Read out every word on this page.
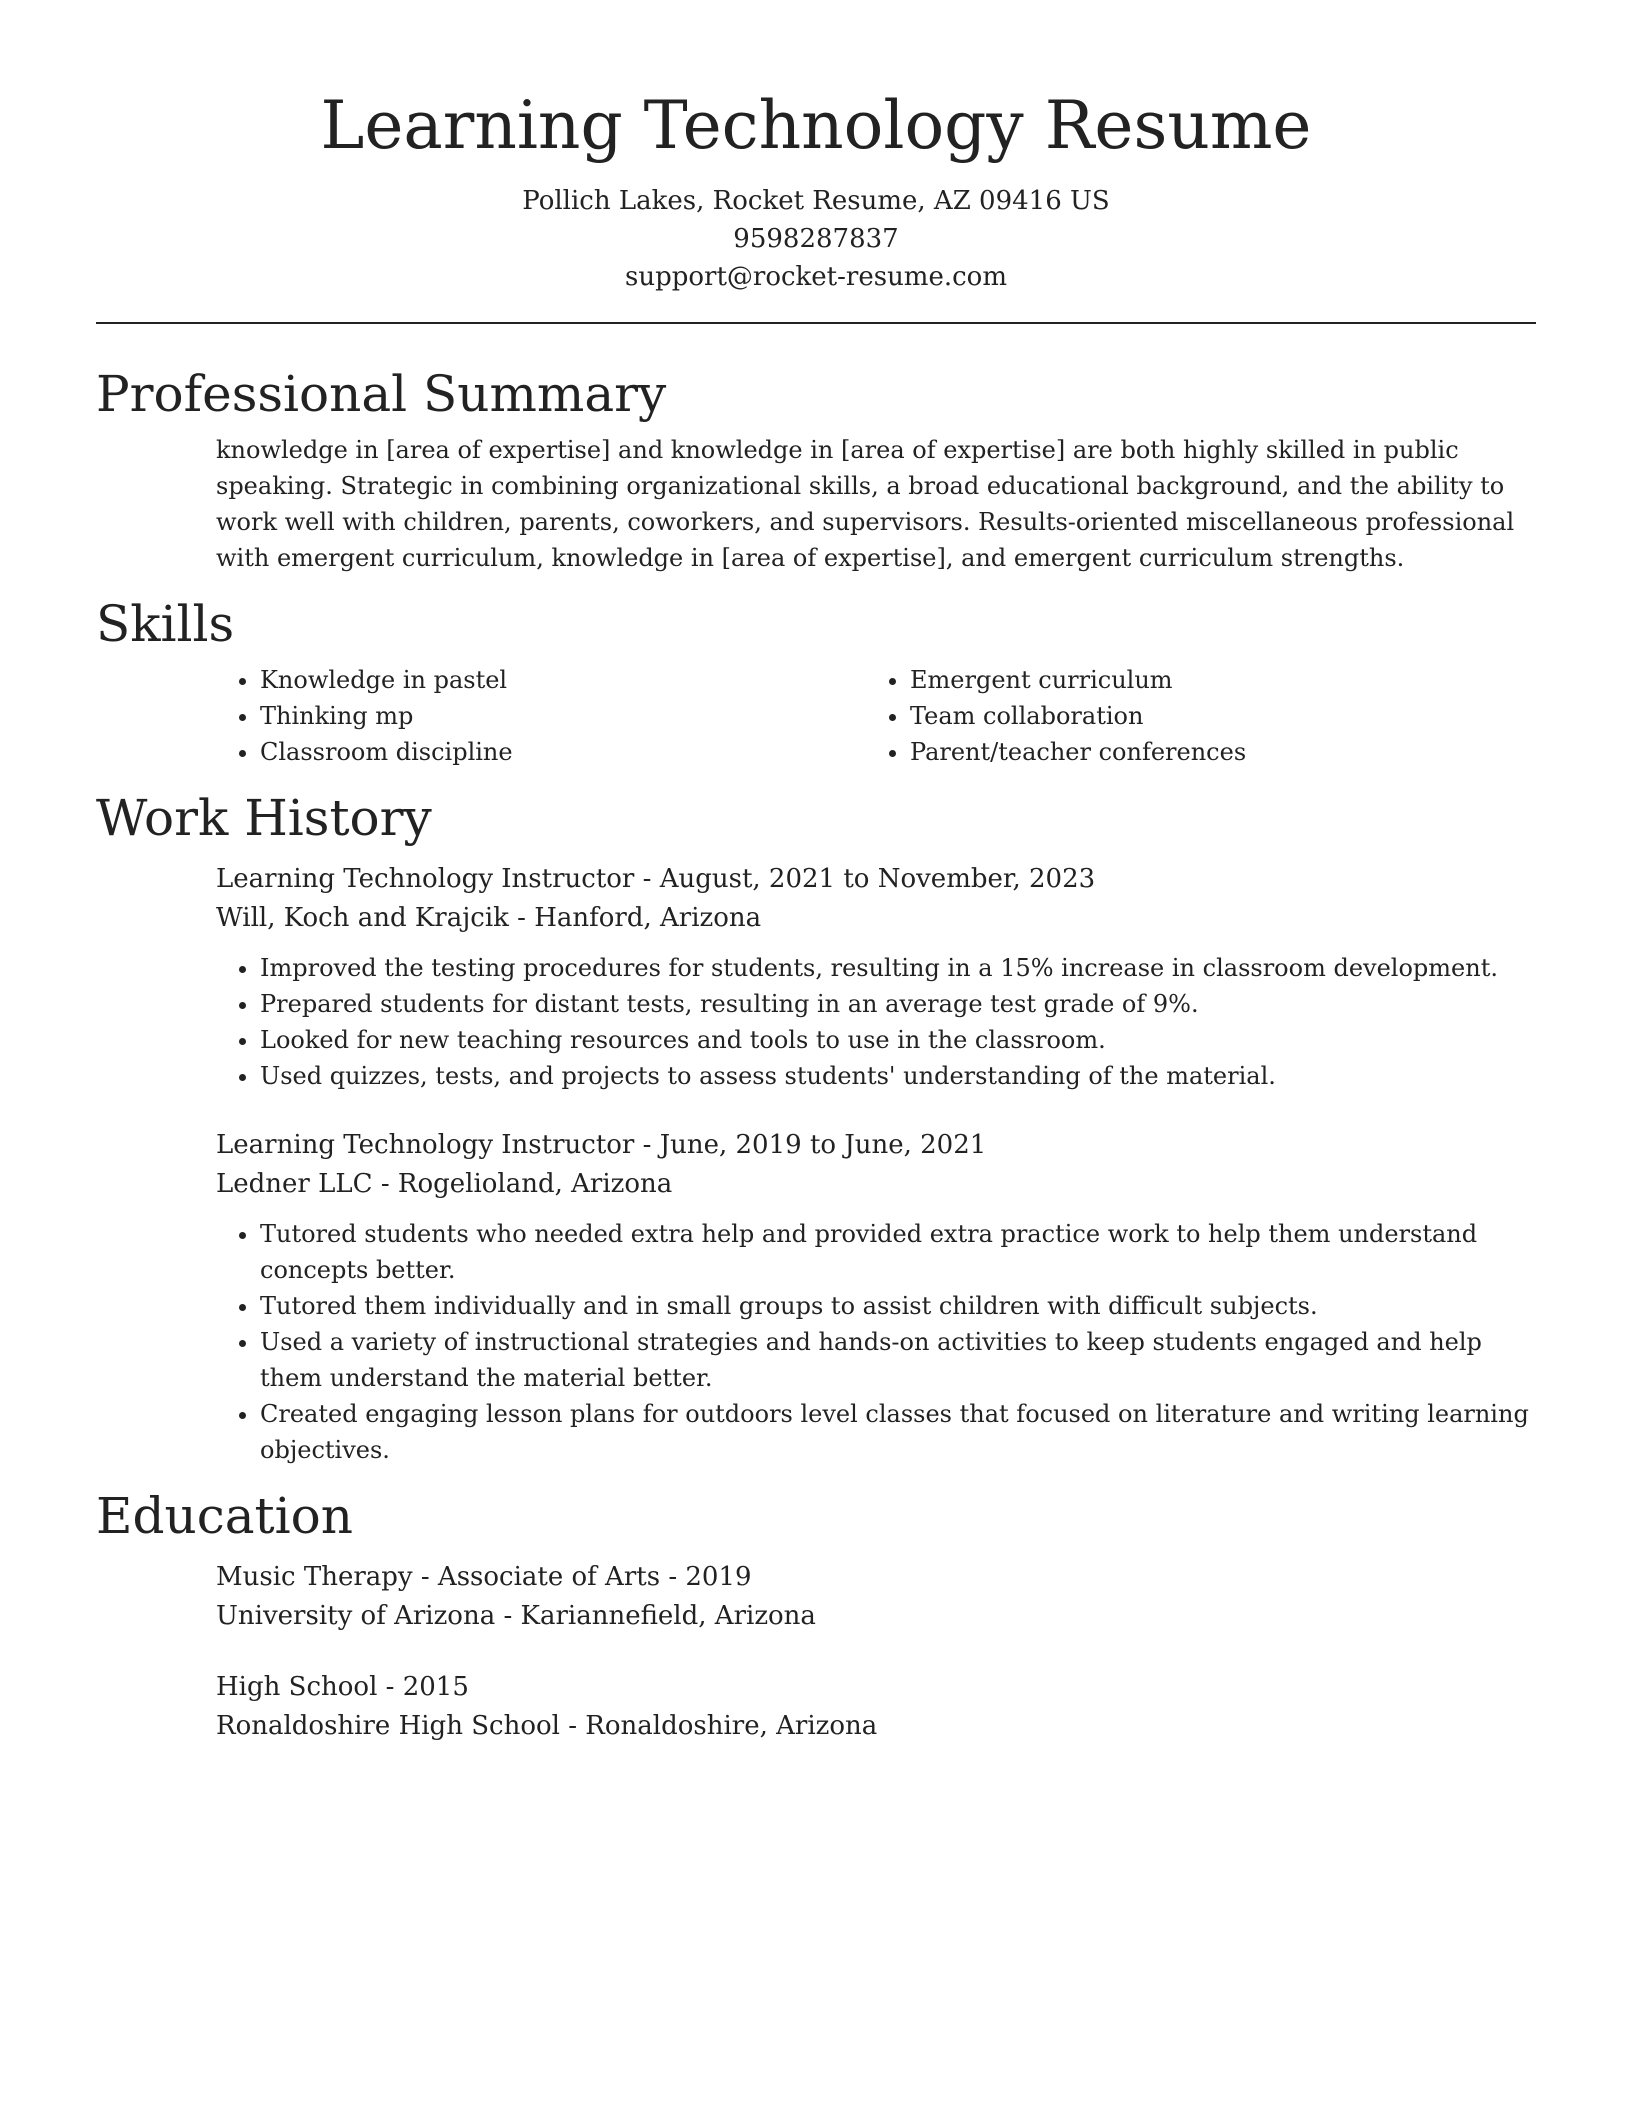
Learning Technology Resume
Pollich Lakes, Rocket Resume, AZ 09416 US
9598287837
support@rocket-resume.com
Professional Summary

knowledge in [area of expertise] and knowledge in [area of expertise] are both highly skilled in public speaking. Strategic in combining organizational skills, a broad educational background, and the ability to work well with children, parents, coworkers, and supervisors. Results-oriented miscellaneous professional with emergent curriculum, knowledge in [area of expertise], and emergent curriculum strengths.

Skills
• Knowledge in pastel
• Thinking mp
• Classroom discipline
• Emergent curriculum
• Team collaboration
• Parent/teacher conferences
Work History
Learning Technology Instructor - August, 2021 to November, 2023
Will, Koch and Krajcik - Hanford, Arizona
• Improved the testing procedures for students, resulting in a 15% increase in classroom development.
• Prepared students for distant tests, resulting in an average test grade of 9%.
• Looked for new teaching resources and tools to use in the classroom.
• Used quizzes, tests, and projects to assess students' understanding of the material.
Learning Technology Instructor - June, 2019 to June, 2021
Ledner LLC - Rogelioland, Arizona
• Tutored students who needed extra help and provided extra practice work to help them understand concepts better.
• Tutored them individually and in small groups to assist children with difficult subjects.
• Used a variety of instructional strategies and hands-on activities to keep students engaged and help them understand the material better.
• Created engaging lesson plans for outdoors level classes that focused on literature and writing learning objectives.
Education
Music Therapy - Associate of Arts - 2019
University of Arizona - Kariannefield, Arizona
High School - 2015
Ronaldoshire High School - Ronaldoshire, Arizona
